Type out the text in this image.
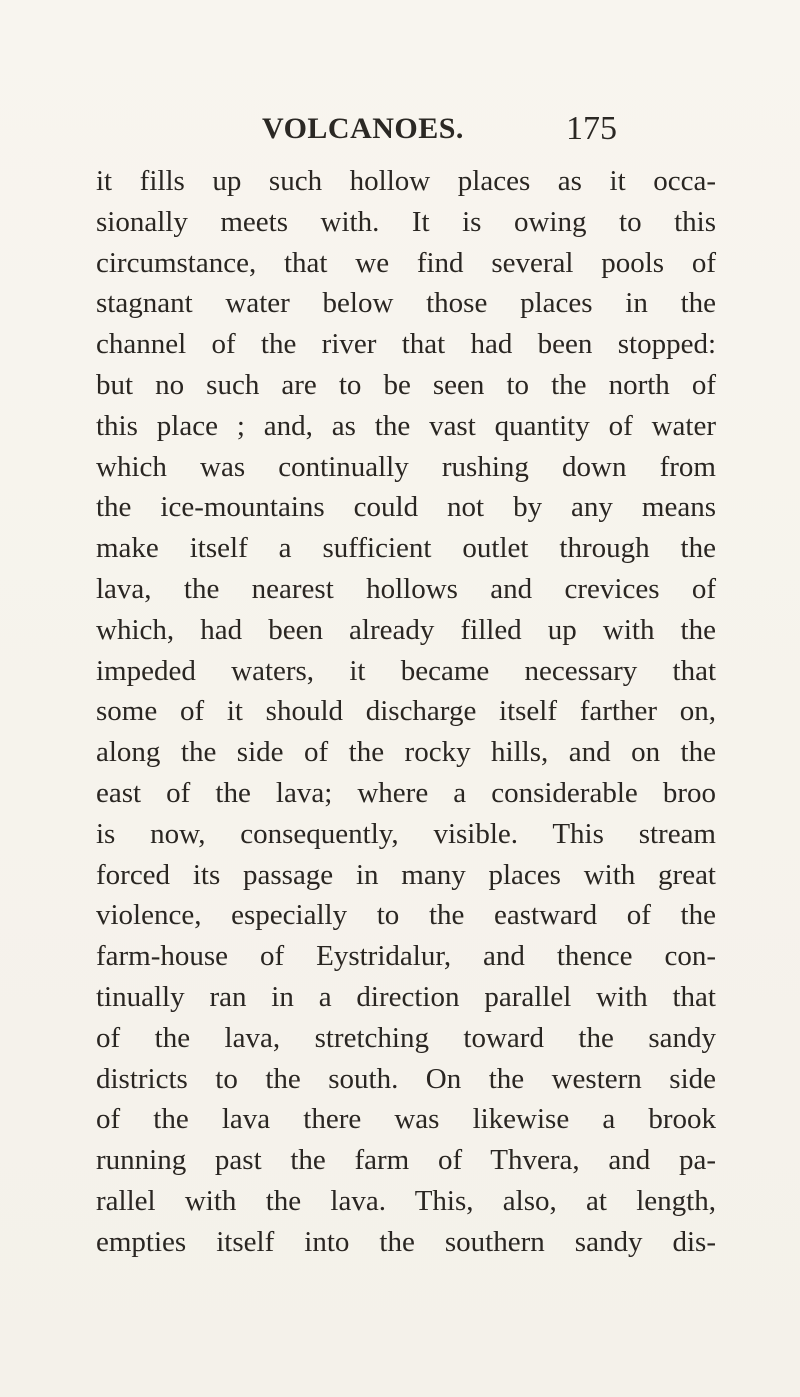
VOLCANOES.	175
it fills up such hollow places as it occa-
sionally meets with. It is owing to this
circumstance, that we find several pools of
stagnant water below those places in the
channel of the river that had been stopped:
but no such are to be seen to the north of
this place ; and, as the vast quantity of water
which was continually rushing down from
the ice-mountains could not by any means
make itself a sufficient outlet through the
lava, the nearest hollows and crevices of
which, had been already filled up with the
impeded waters, it became necessary that
some of it should discharge itself farther on,
along the side of the rocky hills, and on the
east of the lava; where a considerable broo
is now, consequently, visible. This stream
forced its passage in many places with great
violence, especially to the eastward of the
farm-house of Eystridalur, and thence con-
tinually ran in a direction parallel with that
of the lava, stretching toward the sandy
districts to the south. On the western side
of the lava there was likewise a brook
running past the farm of Thvera, and pa-
rallel with the lava. This, also, at length,
empties itself into the southern sandy dis-
